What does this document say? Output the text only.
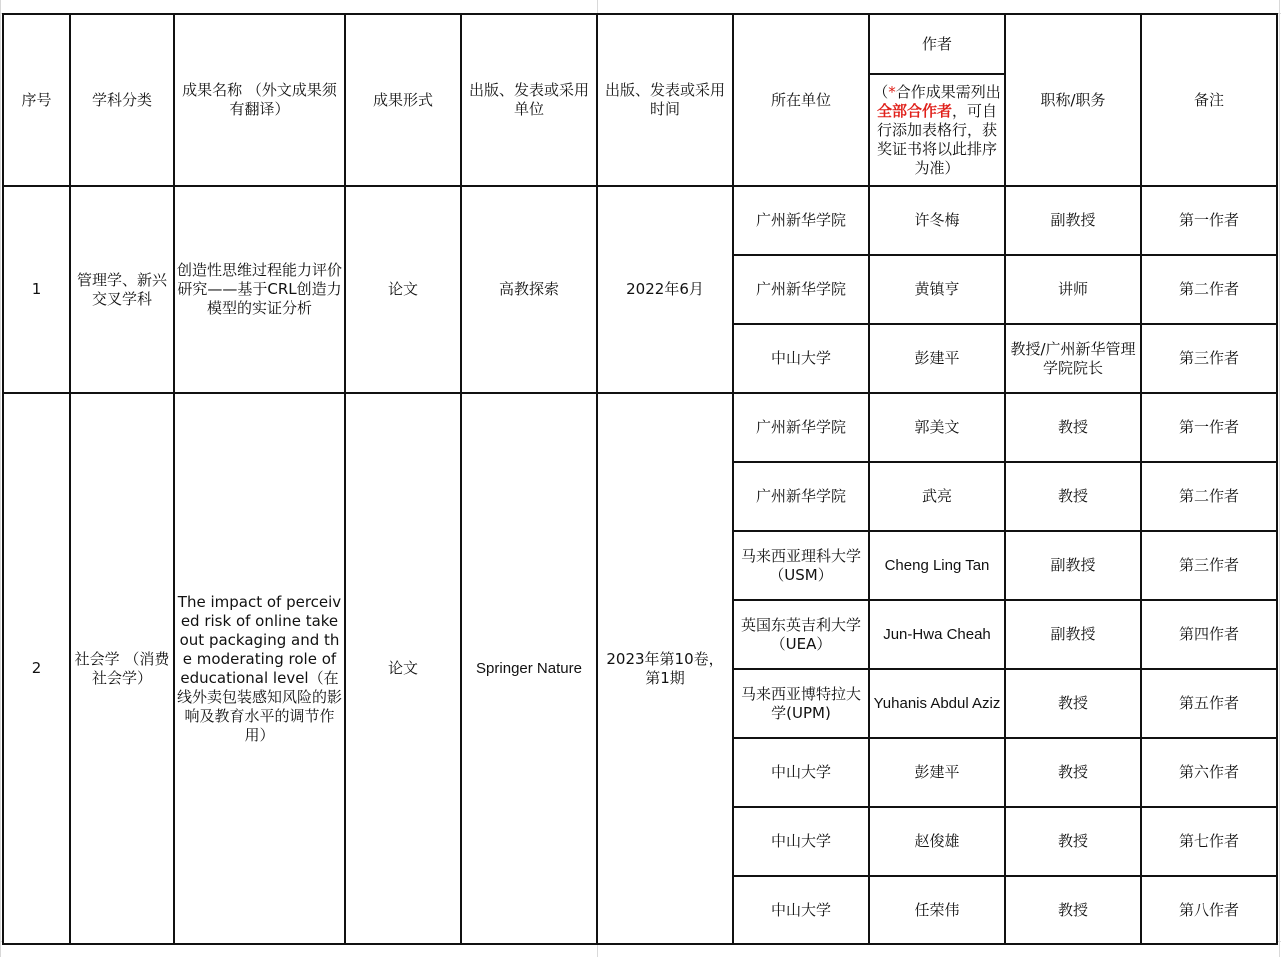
序号	学科分类	成果名称 （外文成果须有翻译）	成果形式	出版、发表或采用单位	出版、发表或采用时间	所在单位	作者	职称/职务	备注
							（*合作成果需列出全部合作者，可自行添加表格行，获奖证书将以此排序为准）		
1	管理学、新兴交叉学科	创造性思维过程能力评价研究——基于CRL创造力模型的实证分析	论文	高教探索	2022年6月	广州新华学院	许冬梅	副教授	第一作者
						广州新华学院	黄镇亨	讲师	第二作者
						中山大学	彭建平	教授/广州新华管理学院院长	第三作者
2	社会学 （消费社会学）	The impact of perceived risk of online takeout packaging and the moderating role of educational level（在线外卖包装感知风险的影响及教育水平的调节作用）	论文	Springer Nature	2023年第10卷，第1期	广州新华学院	郭美文	教授	第一作者
						广州新华学院	武亮	教授	第二作者
						马来西亚理科大学（USM）	Cheng Ling Tan	副教授	第三作者
						英国东英吉利大学（UEA）	Jun-Hwa Cheah	副教授	第四作者
						马来西亚博特拉大学(UPM)	Yuhanis Abdul Aziz	教授	第五作者
						中山大学	彭建平	教授	第六作者
						中山大学	赵俊雄	教授	第七作者
						中山大学	任荣伟	教授	第八作者
